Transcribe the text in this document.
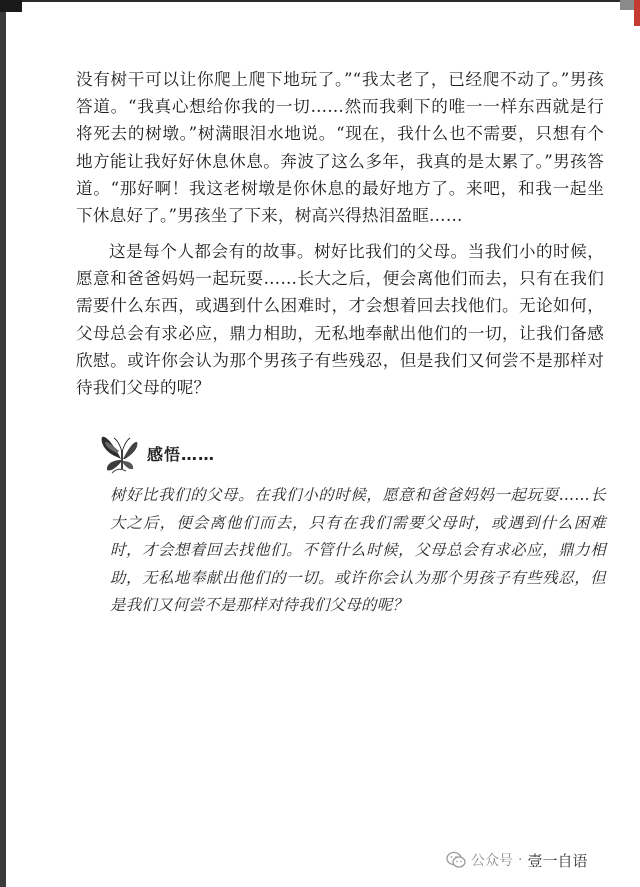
没有树干可以让你爬上爬下地玩了。”“我太老了，已经爬不动了。”男孩答道。“我真心想给你我的一切……然而我剩下的唯一一样东西就是行将死去的树墩。”树满眼泪水地说。“现在，我什么也不需要，只想有个地方能让我好好休息休息。奔波了这么多年，我真的是太累了。”男孩答道。“那好啊！我这老树墩是你休息的最好地方了。来吧，和我一起坐下休息好了。”男孩坐了下来，树高兴得热泪盈眶……

这是每个人都会有的故事。树好比我们的父母。当我们小的时候，愿意和爸爸妈妈一起玩耍……长大之后，便会离他们而去，只有在我们需要什么东西，或遇到什么困难时，才会想着回去找他们。无论如何，父母总会有求必应，鼎力相助，无私地奉献出他们的一切，让我们备感欣慰。或许你会认为那个男孩子有些残忍，但是我们又何尝不是那样对待我们父母的呢？

感悟……

树好比我们的父母。在我们小的时候，愿意和爸爸妈妈一起玩耍……长大之后，便会离他们而去，只有在我们需要父母时，或遇到什么困难时，才会想着回去找他们。不管什么时候，父母总会有求必应，鼎力相助，无私地奉献出他们的一切。或许你会认为那个男孩子有些残忍，但是我们又何尝不是那样对待我们父母的呢？

公众号 · 壹一自语
